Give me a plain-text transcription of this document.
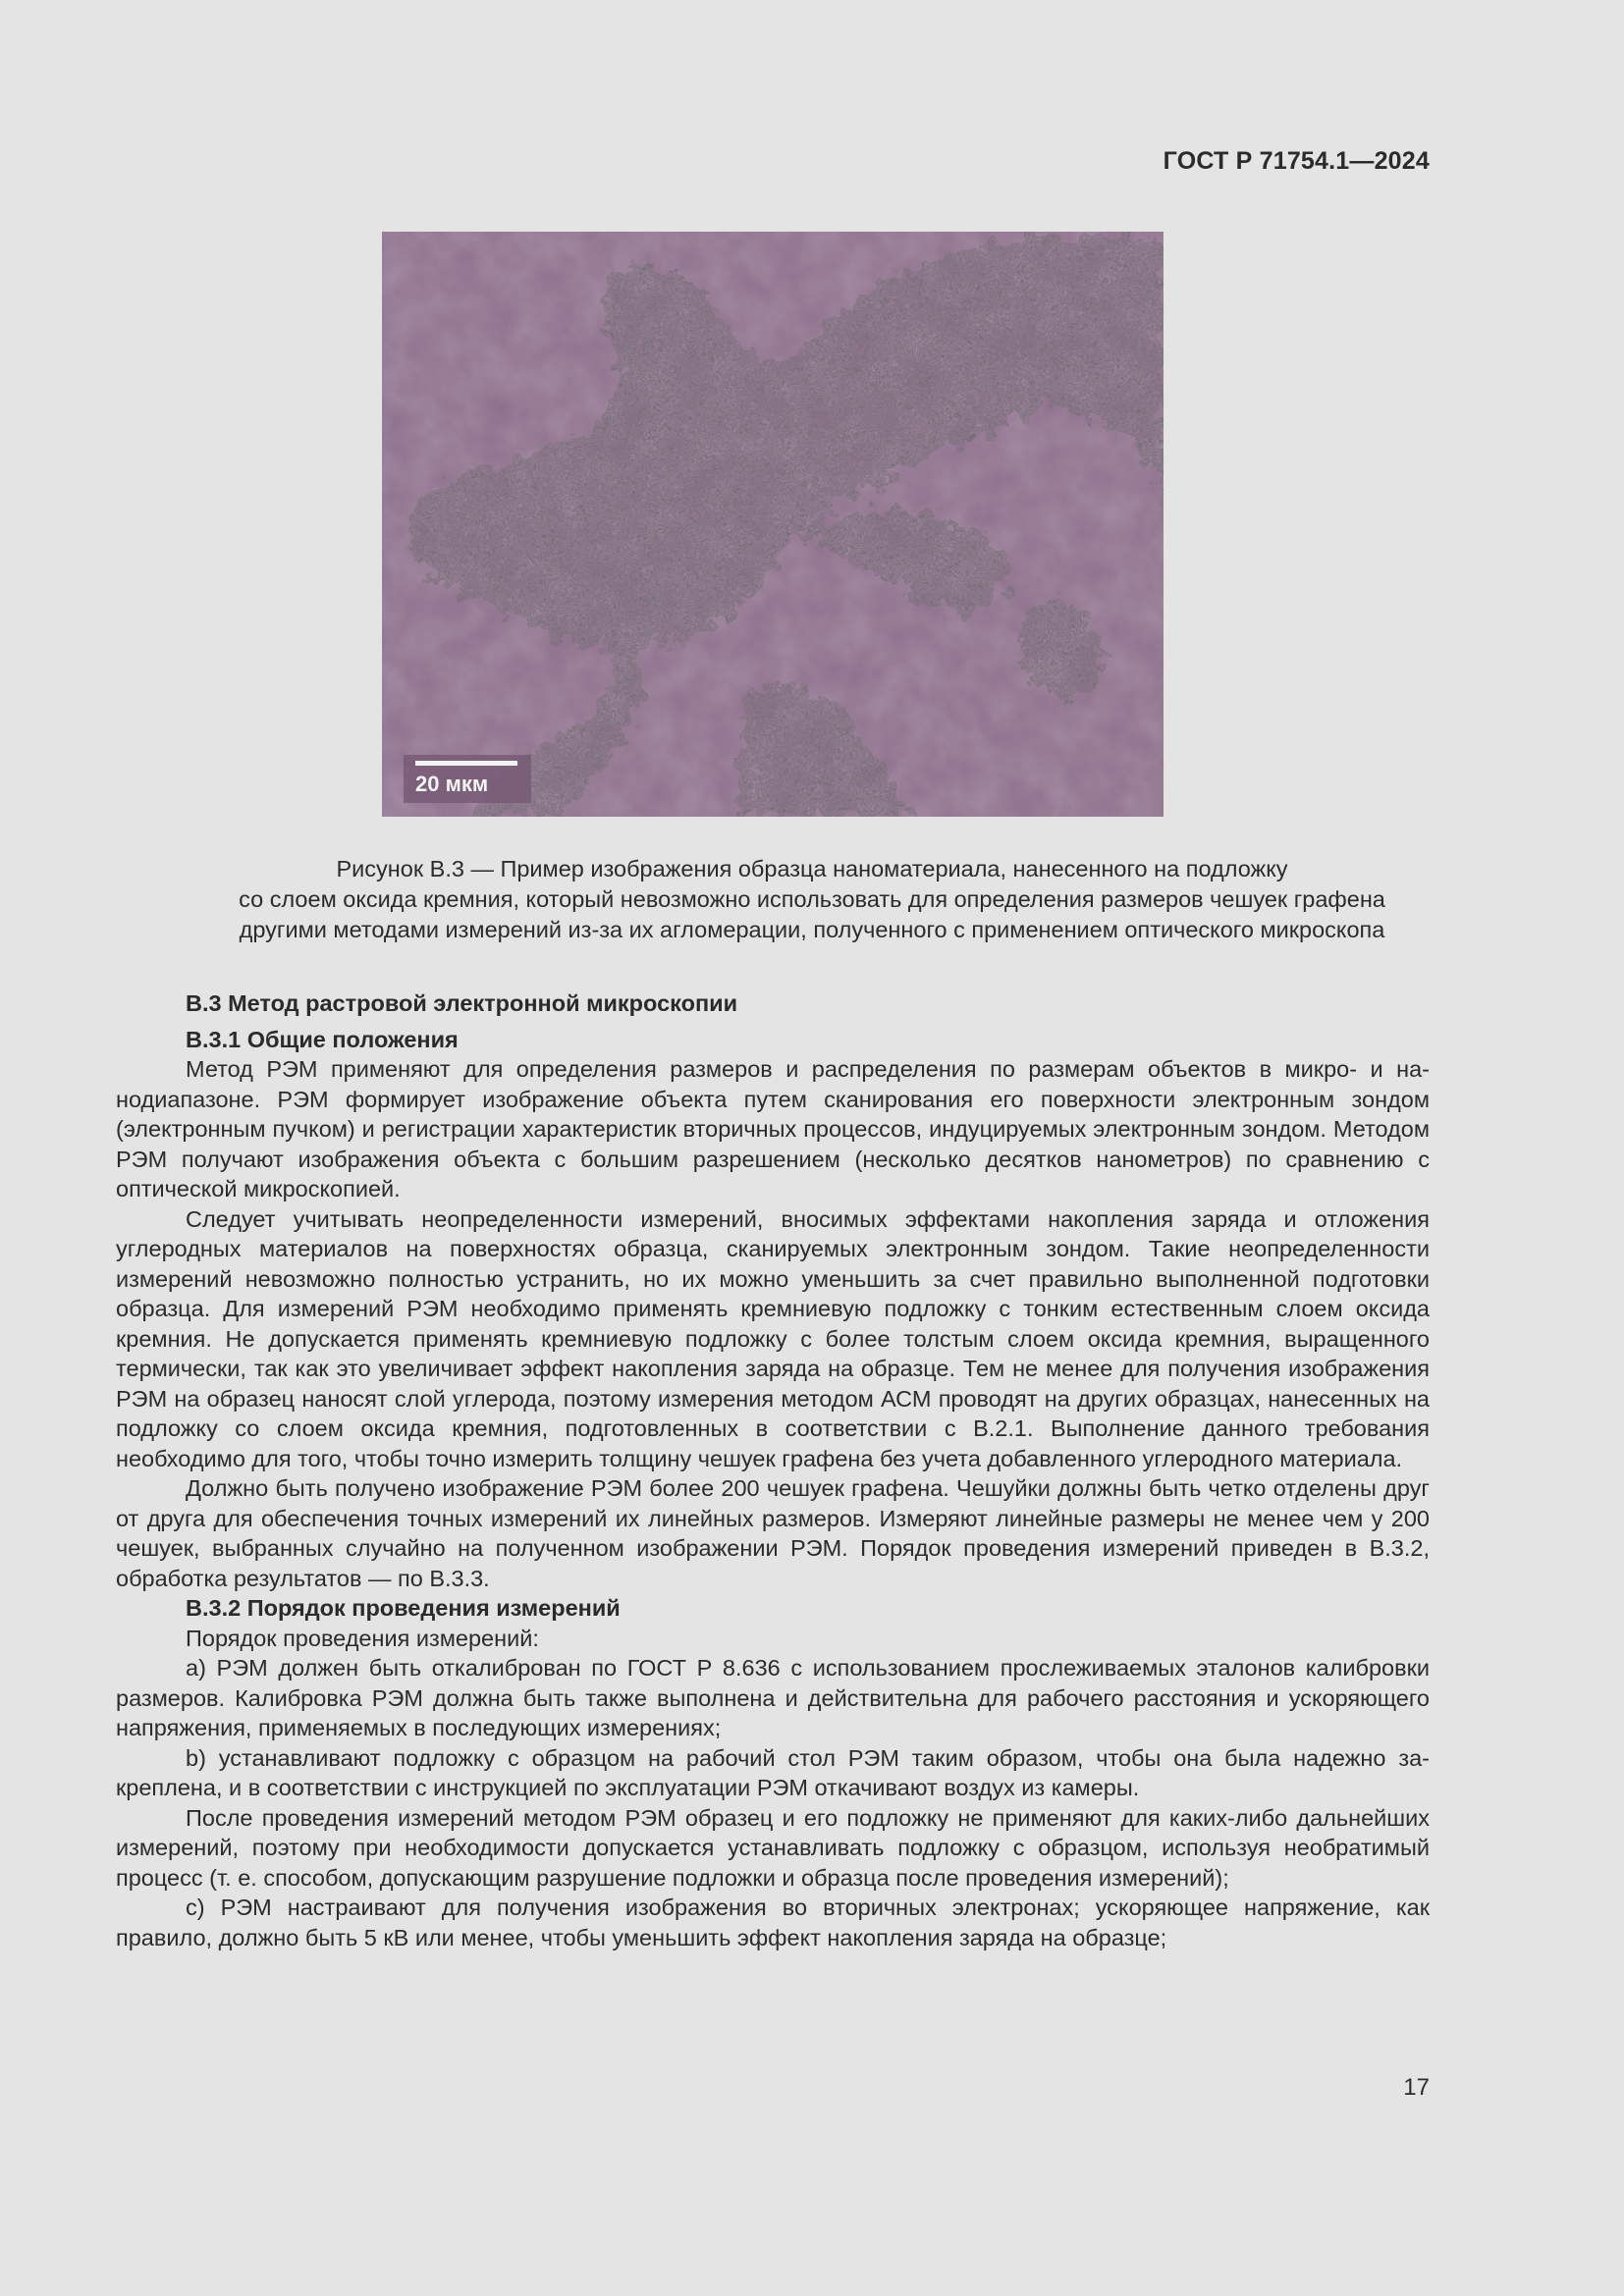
ГОСТ Р 71754.1—2024
20 мкм
Рисунок В.3 — Пример изображения образца наноматериала, нанесенного на подложку
со слоем оксида кремния, который невозможно использовать для определения размеров чешуек графена
другими методами измерений из-за их агломерации, полученного с применением оптического микроскопа

В.3 Метод растровой электронной микроскопии

В.3.1 Общие положения

Метод РЭМ применяют для определения размеров и распределения по размерам объектов в микро- и нанодиапазоне. РЭМ формирует изображение объекта путем сканирования его поверхности электронным зондом (электронным пучком) и регистрации характеристик вторичных процессов, индуцируемых электронным зондом. Методом РЭМ получают изображения объекта с большим разрешением (несколько десятков нанометров) по сравнению с оптической микроскопией.

Следует учитывать неопределенности измерений, вносимых эффектами накопления заряда и отложения углеродных материалов на поверхностях образца, сканируемых электронным зондом. Такие неопределенности измерений невозможно полностью устранить, но их можно уменьшить за счет правильно выполненной подготовки образца. Для измерений РЭМ необходимо применять кремниевую подложку с тонким естественным слоем оксида кремния. Не допускается применять кремниевую подложку с более толстым слоем оксида кремния, выращенного термически, так как это увеличивает эффект накопления заряда на образце. Тем не менее для получения изображения РЭМ на образец наносят слой углерода, поэтому измерения методом АСМ проводят на других образцах, нанесенных на подложку со слоем оксида кремния, подготовленных в соответствии с В.2.1. Выполнение данного требования необходимо для того, чтобы точно измерить толщину чешуек графена без учета добавленного углеродного материала.

Должно быть получено изображение РЭМ более 200 чешуек графена. Чешуйки должны быть четко отделены друг от друга для обеспечения точных измерений их линейных размеров. Измеряют линейные размеры не менее чем у 200 чешуек, выбранных случайно на полученном изображении РЭМ. Порядок проведения измерений приведен в В.3.2, обработка результатов — по В.3.3.

В.3.2 Порядок проведения измерений

Порядок проведения измерений:

a) РЭМ должен быть откалиброван по ГОСТ Р 8.636 с использованием прослеживаемых эталонов калибровки размеров. Калибровка РЭМ должна быть также выполнена и действительна для рабочего расстояния и ускоряющего напряжения, применяемых в последующих измерениях;

b) устанавливают подложку с образцом на рабочий стол РЭМ таким образом, чтобы она была надежно закреплена, и в соответствии с инструкцией по эксплуатации РЭМ откачивают воздух из камеры.

После проведения измерений методом РЭМ образец и его подложку не применяют для каких-либо дальнейших измерений, поэтому при необходимости допускается устанавливать подложку с образцом, используя необратимый процесс (т. е. способом, допускающим разрушение подложки и образца после проведения измерений);

c) РЭМ настраивают для получения изображения во вторичных электронах; ускоряющее напряжение, как правило, должно быть 5 кВ или менее, чтобы уменьшить эффект накопления заряда на образце;

17
